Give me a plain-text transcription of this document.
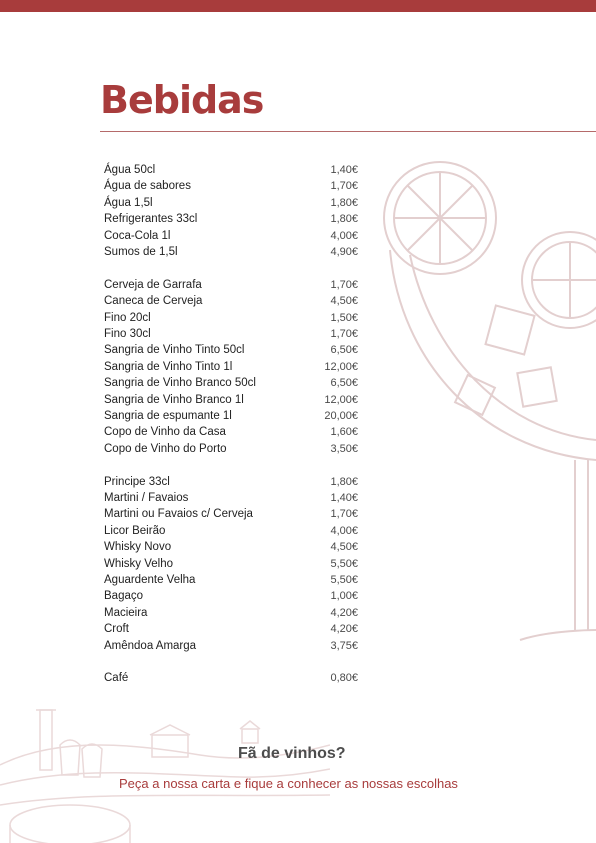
Bebidas
Água 50cl	1,40€
Água de sabores	1,70€
Água 1,5l	1,80€
Refrigerantes 33cl	1,80€
Coca-Cola 1l	4,00€
Sumos de 1,5l	4,90€
Cerveja de Garrafa	1,70€
Caneca de Cerveja	4,50€
Fino 20cl	1,50€
Fino 30cl	1,70€
Sangria de Vinho Tinto 50cl	6,50€
Sangria de Vinho Tinto 1l	12,00€
Sangria de Vinho Branco 50cl	6,50€
Sangria de Vinho Branco 1l	12,00€
Sangria de espumante 1l	20,00€
Copo de Vinho da Casa	1,60€
Copo de Vinho do Porto	3,50€
Principe 33cl	1,80€
Martini / Favaios	1,40€
Martini ou Favaios c/ Cerveja	1,70€
Licor Beirão	4,00€
Whisky Novo	4,50€
Whisky Velho	5,50€
Aguardente Velha	5,50€
Bagaço	1,00€
Macieira	4,20€
Croft	4,20€
Amêndoa Amarga	3,75€
Café	0,80€
Fã de vinhos?

Peça a nossa carta e fique a conhecer as nossas escolhas
